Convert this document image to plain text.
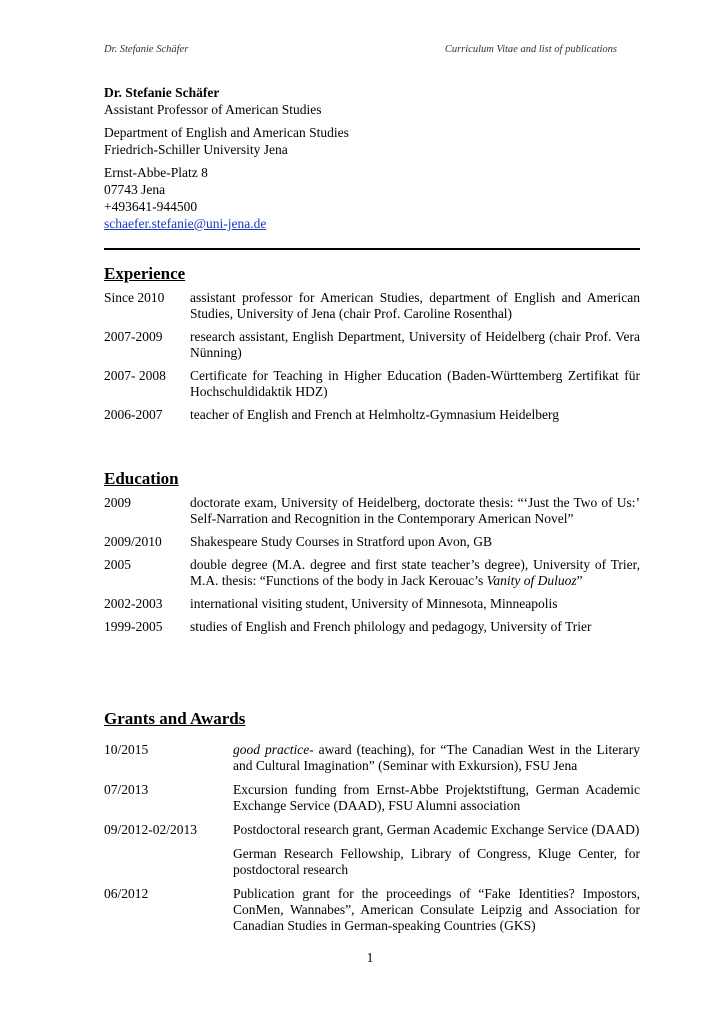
Dr. Stefanie Schäfer	Curriculum Vitae and list of publications
Dr. Stefanie Schäfer
Assistant Professor of American Studies
Department of English and American Studies
Friedrich-Schiller University Jena
Ernst-Abbe-Platz 8
07743 Jena
+493641-944500
schaefer.stefanie@uni-jena.de
Experience
Since 2010	assistant professor for American Studies, department of English and American Studies, University of Jena (chair Prof. Caroline Rosenthal)
2007-2009	research assistant, English Department, University of Heidelberg (chair Prof. Vera Nünning)
2007- 2008	Certificate for Teaching in Higher Education (Baden-Württemberg Zertifikat für Hochschuldidaktik HDZ)
2006-2007	teacher of English and French at Helmholtz-Gymnasium Heidelberg
Education
2009	doctorate exam, University of Heidelberg, doctorate thesis: “‘Just the Two of Us:’ Self-Narration and Recognition in the Contemporary American Novel”
2009/2010	Shakespeare Study Courses in Stratford upon Avon, GB
2005	double degree (M.A. degree and first state teacher’s degree), University of Trier, M.A. thesis: “Functions of the body in Jack Kerouac’s Vanity of Duluoz”
2002-2003	international visiting student, University of Minnesota, Minneapolis
1999-2005	studies of English and French philology and pedagogy, University of Trier
Grants and Awards
10/2015	good practice- award (teaching), for “The Canadian West in the Literary and Cultural Imagination” (Seminar with Exkursion), FSU Jena
07/2013	Excursion funding from Ernst-Abbe Projektstiftung, German Academic Exchange Service (DAAD), FSU Alumni association
09/2012-02/2013	Postdoctoral research grant, German Academic Exchange Service (DAAD)
German Research Fellowship, Library of Congress, Kluge Center, for postdoctoral research
06/2012	Publication grant for the proceedings of “Fake Identities? Impostors, ConMen, Wannabes”, American Consulate Leipzig and Association for Canadian Studies in German-speaking Countries (GKS)
1
